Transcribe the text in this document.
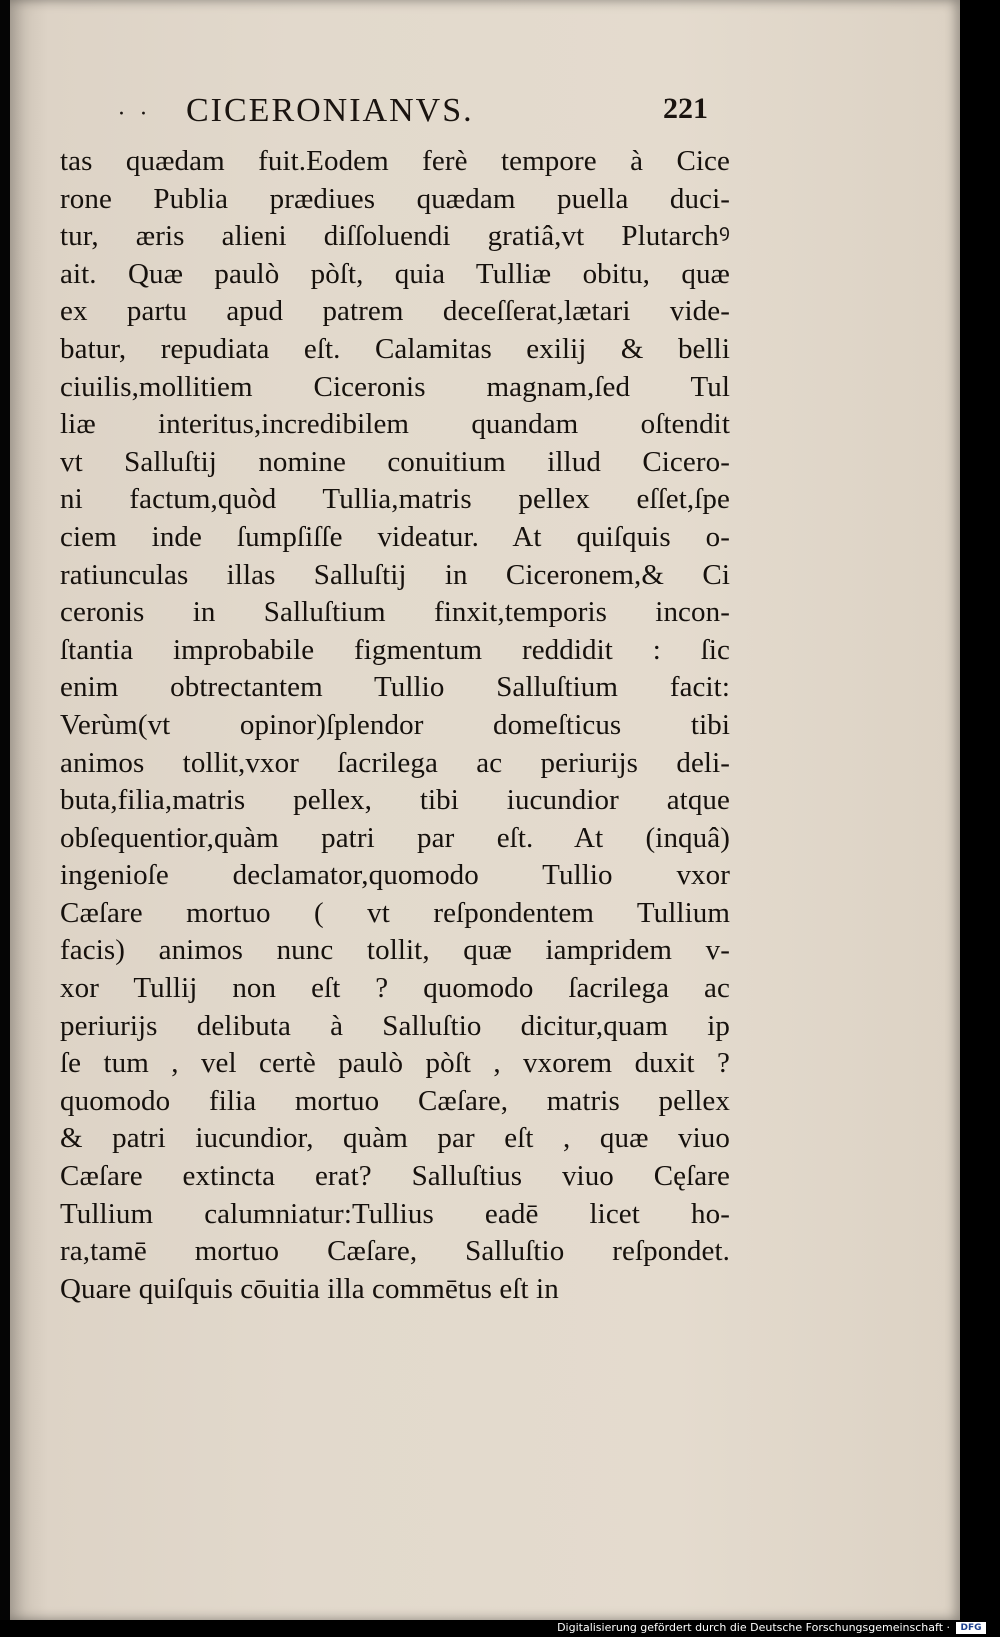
· · CICERONIANVS.	221
tas quædam fuit.Eodem ferè tempore à Cice
rone Publia prædiues quædam puella duci-
tur, æris alieni diſſoluendi gratiâ,vt Plutarchꝰ
ait. Quæ paulò pòſt, quia Tulliæ obitu, quæ
ex partu apud patrem deceſſerat,lætari vide-
batur, repudiata eſt. Calamitas exilij & belli
ciuilis,mollitiem Ciceronis magnam,ſed Tul
liæ interitus,incredibilem quandam oſtendit
vt Salluſtij nomine conuitium illud Cicero-
ni factum,quòd Tullia,matris pellex eſſet,ſpe
ciem inde ſumpſiſſe videatur. At quiſquis o-
ratiunculas illas Salluſtij in Ciceronem,& Ci
ceronis in Salluſtium finxit,temporis incon-
ſtantia improbabile figmentum reddidit : ſic
enim obtrectantem Tullio Salluſtium facit:
Verùm(vt opinor)ſplendor domeſticus tibi
animos tollit,vxor ſacrilega ac periurijs deli-
buta,filia,matris pellex, tibi iucundior atque
obſequentior,quàm patri par eſt. At (inquâ)
ingenioſe declamator,quomodo Tullio vxor
Cæſare mortuo ( vt reſpondentem Tullium
facis) animos nunc tollit, quæ iampridem v-
xor Tullij non eſt ? quomodo ſacrilega ac
periurijs delibuta à Salluſtio dicitur,quam ip
ſe tum , vel certè paulò pòſt , vxorem duxit ?
quomodo filia mortuo Cæſare, matris pellex
& patri iucundior, quàm par eſt , quæ viuo
Cæſare extincta erat? Salluſtius viuo Cęſare
Tullium calumniatur:Tullius eadē licet ho-
ra,tamē mortuo Cæſare, Salluſtio reſpondet.
Quare quiſquis cōuitia illa commētus eſt in
Digitalisierung gefördert durch die Deutsche Forschungsgemeinschaft ·	DFG
